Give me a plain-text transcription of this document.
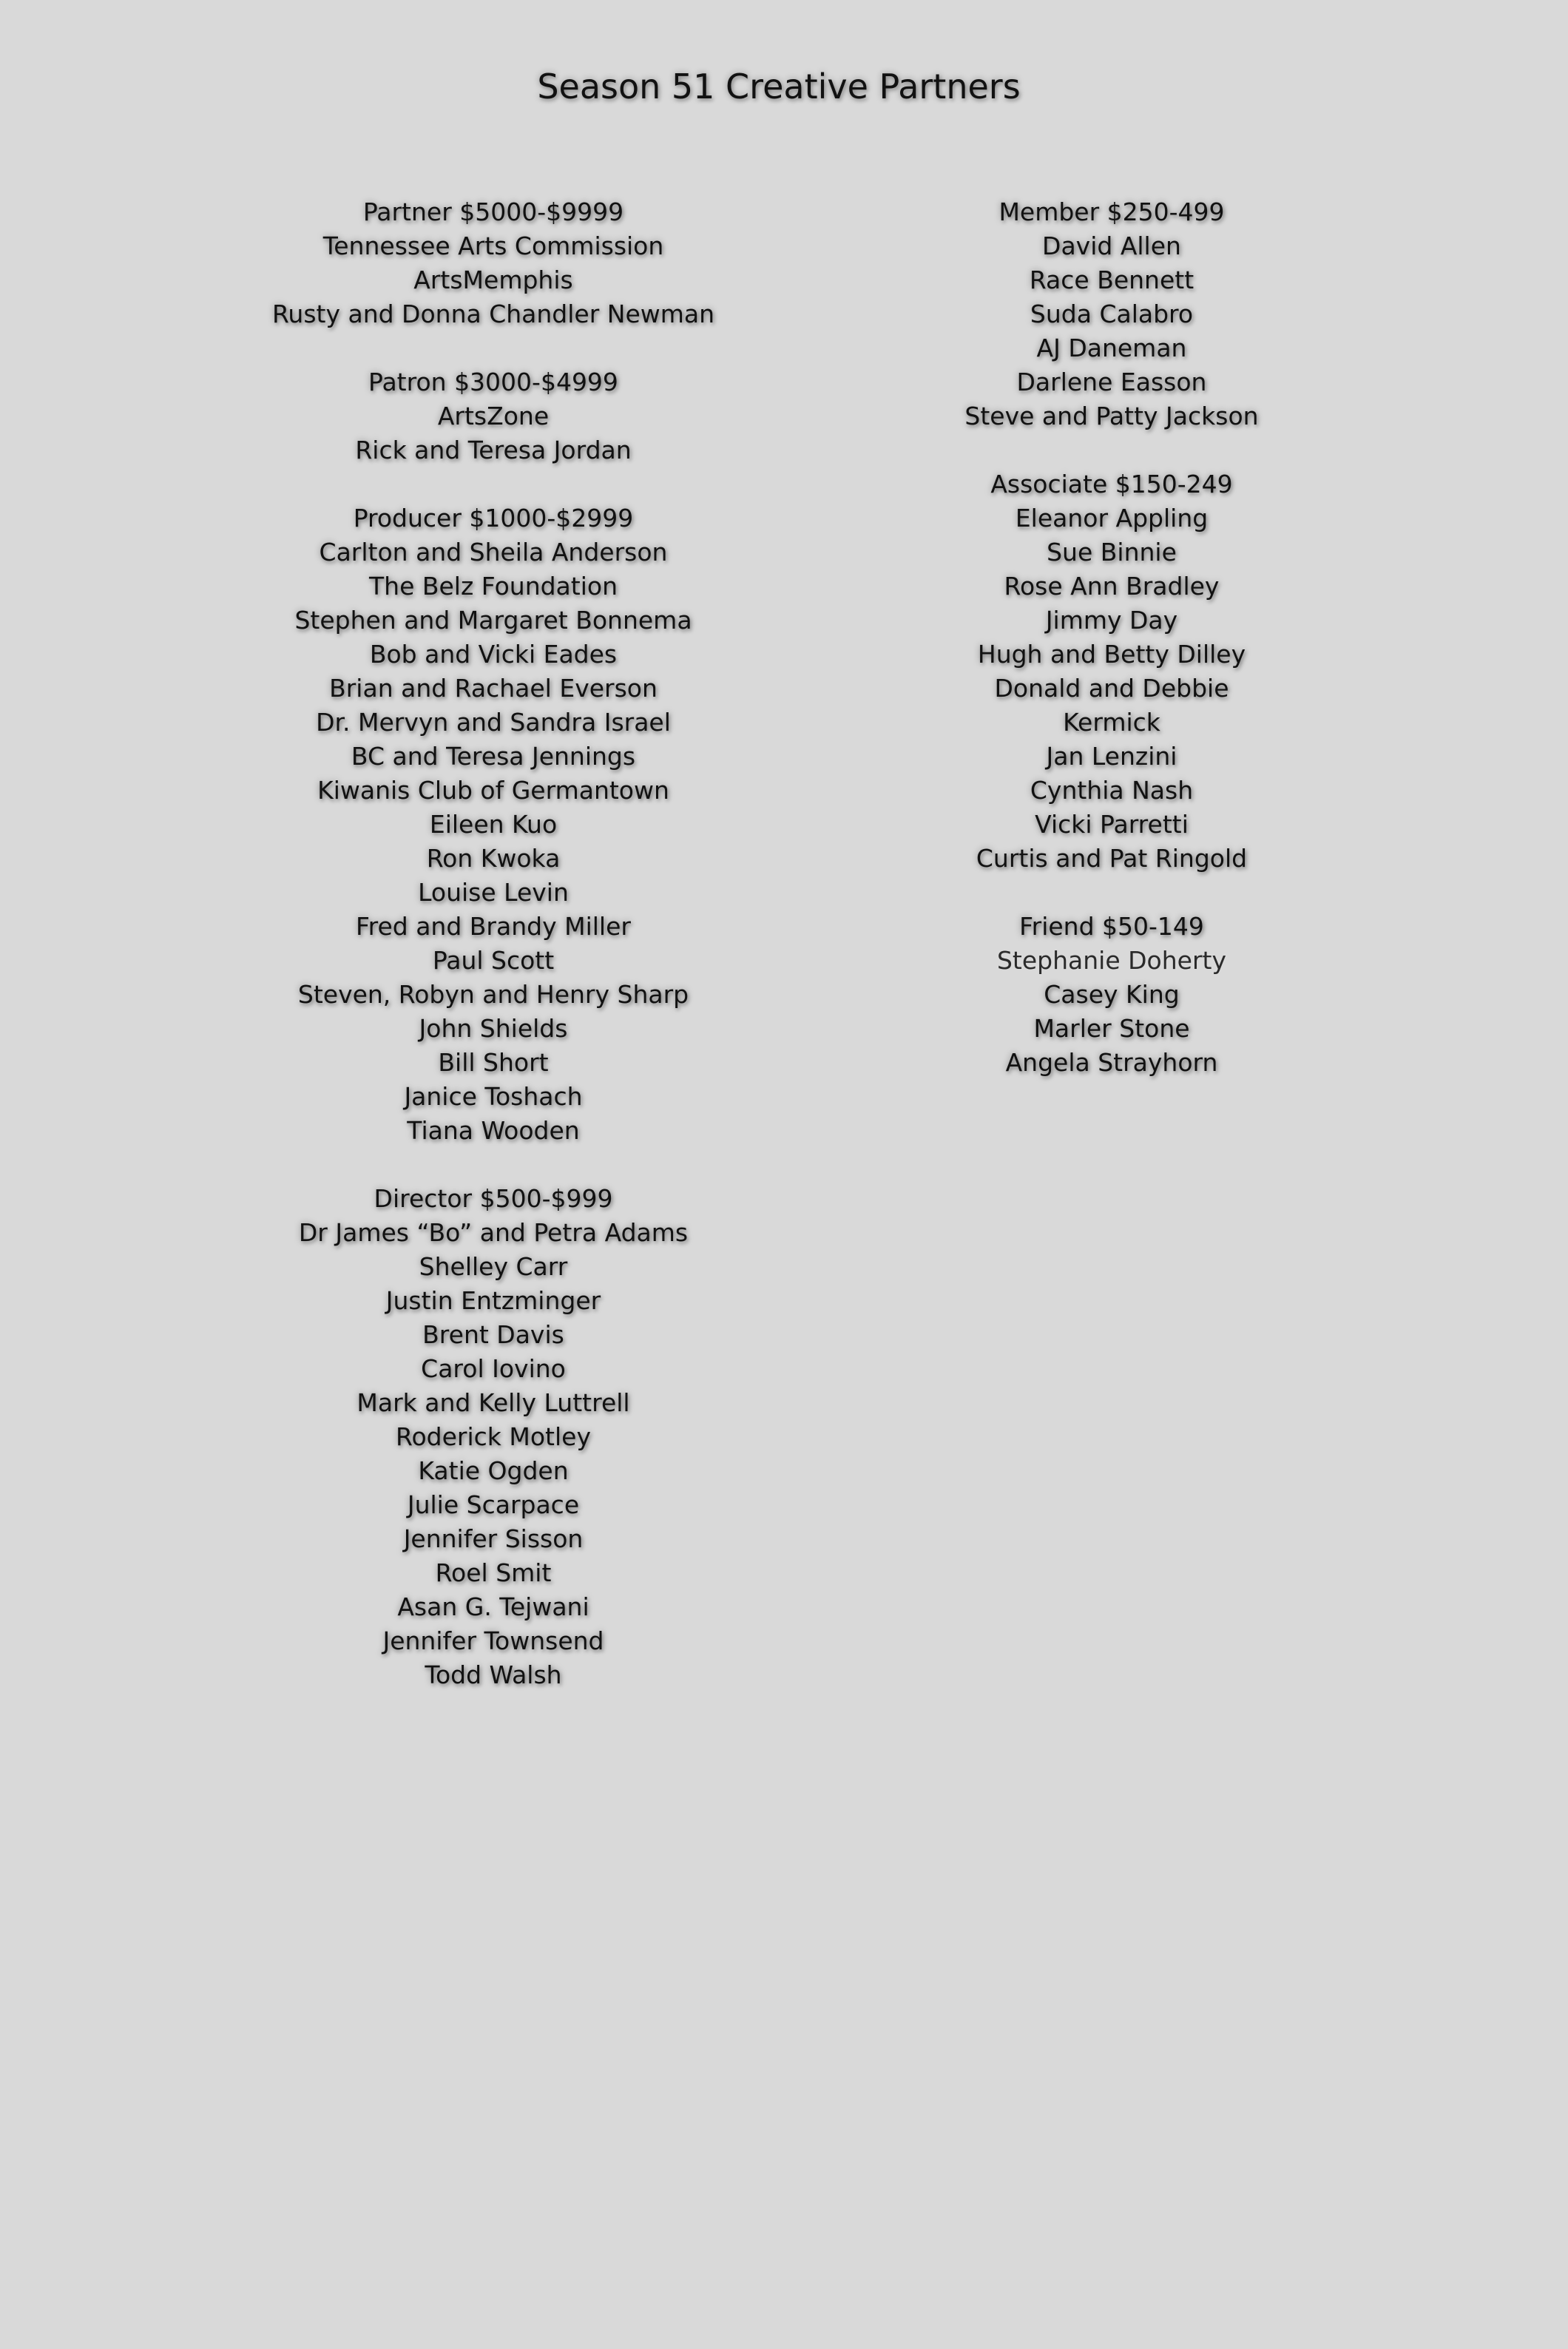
Season 51 Creative Partners
Partner $5000-$9999
Tennessee Arts Commission
ArtsMemphis
Rusty and Donna Chandler Newman
Patron $3000-$4999
ArtsZone
Rick and Teresa Jordan
Producer $1000-$2999
Carlton and Sheila Anderson
The Belz Foundation
Stephen and Margaret Bonnema
Bob and Vicki Eades
Brian and Rachael Everson
Dr. Mervyn and Sandra Israel
BC and Teresa Jennings
Kiwanis Club of Germantown
Eileen Kuo
Ron Kwoka
Louise Levin
Fred and Brandy Miller
Paul Scott
Steven, Robyn and Henry Sharp
John Shields
Bill Short
Janice Toshach
Tiana Wooden
Director $500-$999
Dr James “Bo” and Petra Adams
Shelley Carr
Justin Entzminger
Brent Davis
Carol Iovino
Mark and Kelly Luttrell
Roderick Motley
Katie Ogden
Julie Scarpace
Jennifer Sisson
Roel Smit
Asan G. Tejwani
Jennifer Townsend
Todd Walsh
Member $250-499
David Allen
Race Bennett
Suda Calabro
AJ Daneman
Darlene Easson
Steve and Patty Jackson
Associate $150-249
Eleanor Appling
Sue Binnie
Rose Ann Bradley
Jimmy Day
Hugh and Betty Dilley
Donald and Debbie
Kermick
Jan Lenzini
Cynthia Nash
Vicki Parretti
Curtis and Pat Ringold
Friend $50-149
Stephanie Doherty
Casey King
Marler Stone
Angela Strayhorn
